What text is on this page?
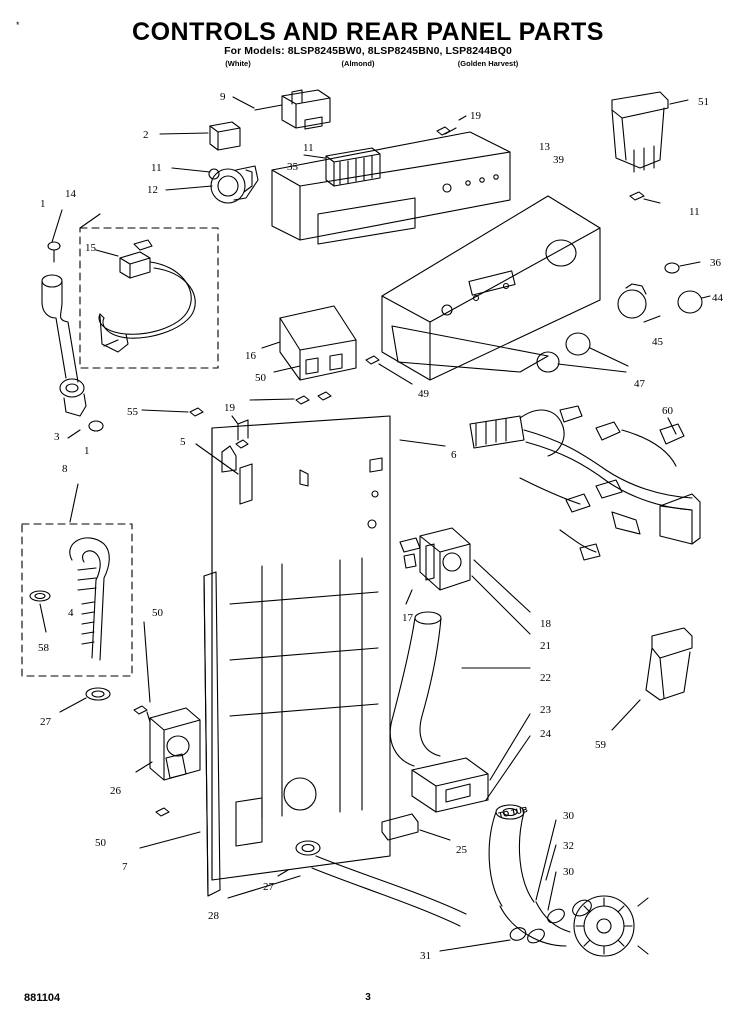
*	CONTROLS AND REAR PANEL PARTS
For Models: 8LSP8245BW0, 8LSP8245BN0, LSP8244BQ0
(White)	(Almond)	(Golden Harvest)
TO TUB
9
19
51
2
11	13
39
11	35
12
11
1
14
15
36
44
45
47
16
50
49
3
1
55	19
5
6
60
8
4
58
17	18
21
22
23
24
50
27
26
50
7
27
28
25
59
30
32
30
31
881104	3
